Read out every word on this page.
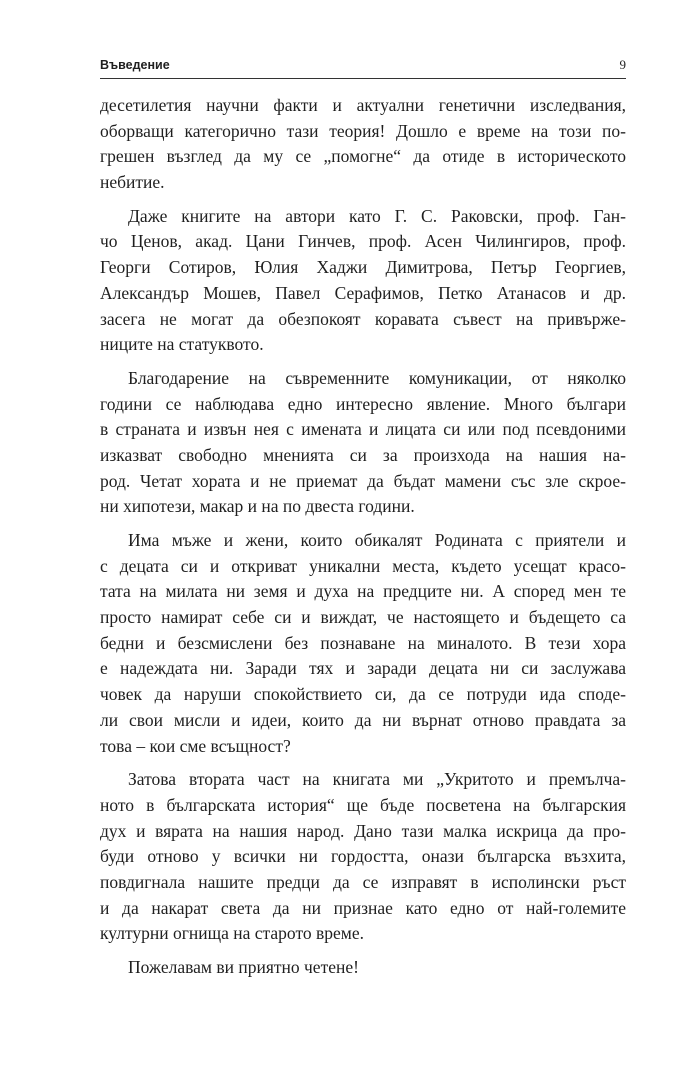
Въведение	9
десетилетия научни факти и актуални генетични изследвания,
оборващи категорично тази теория! Дошло е време на този по-
грешен възглед да му се „помогне“ да отиде в историческото
небитие.
Даже книгите на автори като Г. С. Раковски, проф. Ган-
чо Ценов, акад. Цани Гинчев, проф. Асен Чилингиров, проф.
Георги Сотиров, Юлия Хаджи Димитрова, Петър Георгиев,
Александър Мошев, Павел Серафимов, Петко Атанасов и др.
засега не могат да обезпокоят коравата съвест на привърже-
ниците на статуквото.
Благодарение на съвременните комуникации, от няколко
години се наблюдава едно интересно явление. Много българи
в страната и извън нея с имената и лицата си или под псевдоними
изказват свободно мненията си за произхода на нашия на-
род. Четат хората и не приемат да бъдат мамени със зле скрое-
ни хипотези, макар и на по двеста години.
Има мъже и жени, които обикалят Родината с приятели и
с децата си и откриват уникални места, където усещат красо-
тата на милата ни земя и духа на предците ни. А според мен те
просто намират себе си и виждат, че настоящето и бъдещето са
бедни и безсмислени без познаване на миналото. В тези хора
е надеждата ни. Заради тях и заради децата ни си заслужава
човек да наруши спокойствието си, да се потруди ида споде-
ли свои мисли и идеи, които да ни върнат отново правдата за
това – кои сме всъщност?
Затова втората част на книгата ми „Укритото и премълча-
ното в българската история“ ще бъде посветена на българския
дух и вярата на нашия народ. Дано тази малка искрица да про-
буди отново у всички ни гордостта, онази българска възхита,
повдигнала нашите предци да се изправят в исполински ръст
и да накарат света да ни признае като едно от най-големите
културни огнища на старото време.
Пожелавам ви приятно четене!
